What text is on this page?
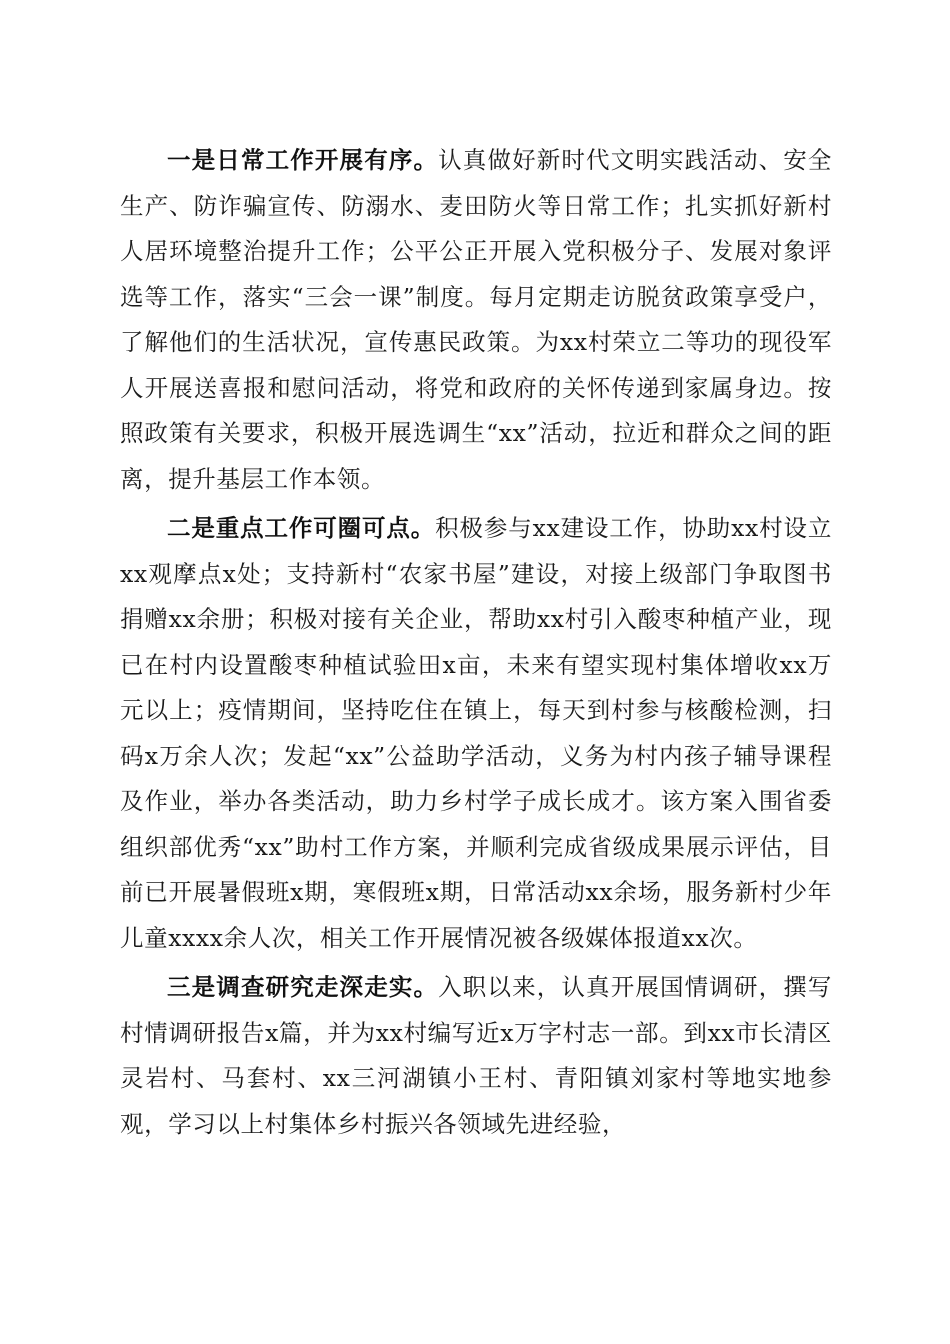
一是日常工作开展有序。认真做好新时代文明实践活动、安全生产、防诈骗宣传、防溺水、麦田防火等日常工作；扎实抓好新村人居环境整治提升工作；公平公正开展入党积极分子、发展对象评选等工作，落实“三会一课”制度。每月定期走访脱贫政策享受户，了解他们的生活状况，宣传惠民政策。为xx村荣立二等功的现役军人开展送喜报和慰问活动，将党和政府的关怀传递到家属身边。按照政策有关要求，积极开展选调生“xx”活动，拉近和群众之间的距离，提升基层工作本领。

二是重点工作可圈可点。积极参与xx建设工作，协助xx村设立xx观摩点x处；支持新村“农家书屋”建设，对接上级部门争取图书捐赠xx余册；积极对接有关企业，帮助xx村引入酸枣种植产业，现已在村内设置酸枣种植试验田x亩，未来有望实现村集体增收xx万元以上；疫情期间，坚持吃住在镇上，每天到村参与核酸检测，扫码x万余人次；发起“xx”公益助学活动，义务为村内孩子辅导课程及作业，举办各类活动，助力乡村学子成长成才。该方案入围省委组织部优秀“xx”助村工作方案，并顺利完成省级成果展示评估，目前已开展暑假班x期，寒假班x期，日常活动xx余场，服务新村少年儿童xxxx余人次，相关工作开展情况被各级媒体报道xx次。

三是调查研究走深走实。入职以来，认真开展国情调研，撰写村情调研报告x篇，并为xx村编写近x万字村志一部。到xx市长清区灵岩村、马套村、xx三河湖镇小王村、青阳镇刘家村等地实地参观，学习以上村集体乡村振兴各领域先进经验，
